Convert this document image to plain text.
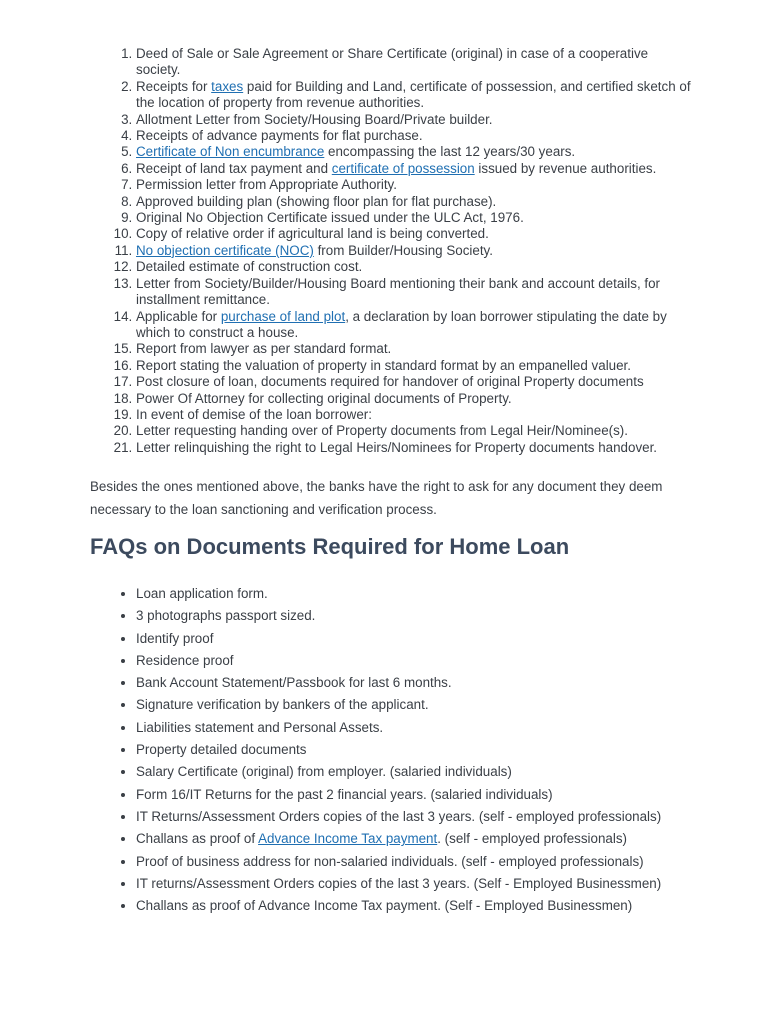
1. Deed of Sale or Sale Agreement or Share Certificate (original) in case of a cooperative society.
2. Receipts for taxes paid for Building and Land, certificate of possession, and certified sketch of the location of property from revenue authorities.
3. Allotment Letter from Society/Housing Board/Private builder.
4. Receipts of advance payments for flat purchase.
5. Certificate of Non encumbrance encompassing the last 12 years/30 years.
6. Receipt of land tax payment and certificate of possession issued by revenue authorities.
7. Permission letter from Appropriate Authority.
8. Approved building plan (showing floor plan for flat purchase).
9. Original No Objection Certificate issued under the ULC Act, 1976.
10. Copy of relative order if agricultural land is being converted.
11. No objection certificate (NOC) from Builder/Housing Society.
12. Detailed estimate of construction cost.
13. Letter from Society/Builder/Housing Board mentioning their bank and account details, for installment remittance.
14. Applicable for purchase of land plot, a declaration by loan borrower stipulating the date by which to construct a house.
15. Report from lawyer as per standard format.
16. Report stating the valuation of property in standard format by an empanelled valuer.
17. Post closure of loan, documents required for handover of original Property documents
18. Power Of Attorney for collecting original documents of Property.
19. In event of demise of the loan borrower:
20. Letter requesting handing over of Property documents from Legal Heir/Nominee(s).
21. Letter relinquishing the right to Legal Heirs/Nominees for Property documents handover.

Besides the ones mentioned above, the banks have the right to ask for any document they deem necessary to the loan sanctioning and verification process.

FAQs on Documents Required for Home Loan
• Loan application form.
• 3 photographs passport sized.
• Identify proof
• Residence proof
• Bank Account Statement/Passbook for last 6 months.
• Signature verification by bankers of the applicant.
• Liabilities statement and Personal Assets.
• Property detailed documents
• Salary Certificate (original) from employer. (salaried individuals)
• Form 16/IT Returns for the past 2 financial years. (salaried individuals)
• IT Returns/Assessment Orders copies of the last 3 years. (self - employed professionals)
• Challans as proof of Advance Income Tax payment. (self - employed professionals)
• Proof of business address for non-salaried individuals. (self - employed professionals)
• IT returns/Assessment Orders copies of the last 3 years. (Self - Employed Businessmen)
• Challans as proof of Advance Income Tax payment. (Self - Employed Businessmen)
